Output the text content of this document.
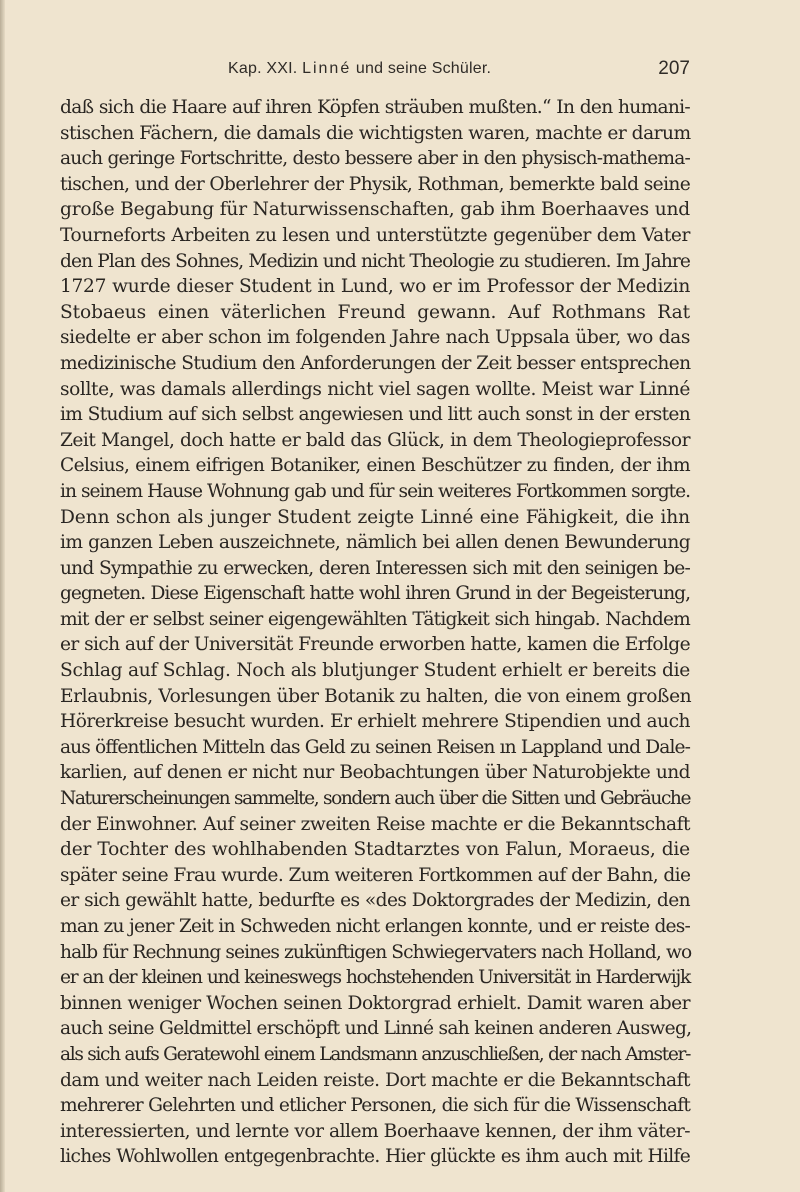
Kap. XXI. Linné und seine Schüler.	207
daß sich die Haare auf ihren Köpfen sträuben mußten.“ In den humani-
stischen Fächern, die damals die wichtigsten waren, machte er darum
auch geringe Fortschritte, desto bessere aber in den physisch-mathema-
tischen, und der Oberlehrer der Physik, Rothman, bemerkte bald seine
große Begabung für Naturwissenschaften, gab ihm Boerhaaves und
Tourneforts Arbeiten zu lesen und unterstützte gegenüber dem Vater
den Plan des Sohnes, Medizin und nicht Theologie zu studieren. Im Jahre
1727 wurde dieser Student in Lund, wo er im Professor der Medizin
Stobaeus einen väterlichen Freund gewann. Auf Rothmans Rat
siedelte er aber schon im folgenden Jahre nach Uppsala über, wo das
medizinische Studium den Anforderungen der Zeit besser entsprechen
sollte, was damals allerdings nicht viel sagen wollte. Meist war Linné
im Studium auf sich selbst angewiesen und litt auch sonst in der ersten
Zeit Mangel, doch hatte er bald das Glück, in dem Theologieprofessor
Celsius, einem eifrigen Botaniker, einen Beschützer zu finden, der ihm
in seinem Hause Wohnung gab und für sein weiteres Fortkommen sorgte.
Denn schon als junger Student zeigte Linné eine Fähigkeit, die ihn
im ganzen Leben auszeichnete, nämlich bei allen denen Bewunderung
und Sympathie zu erwecken, deren Interessen sich mit den seinigen be-
gegneten. Diese Eigenschaft hatte wohl ihren Grund in der Begeisterung,
mit der er selbst seiner eigengewählten Tätigkeit sich hingab. Nachdem
er sich auf der Universität Freunde erworben hatte, kamen die Erfolge
Schlag auf Schlag. Noch als blutjunger Student erhielt er bereits die
Erlaubnis, Vorlesungen über Botanik zu halten, die von einem großen
Hörerkreise besucht wurden. Er erhielt mehrere Stipendien und auch
aus öffentlichen Mitteln das Geld zu seinen Reisen ın Lappland und Dale-
karlien, auf denen er nicht nur Beobachtungen über Naturobjekte und
Naturerscheinungen sammelte, sondern auch über die Sitten und Gebräuche
der Einwohner. Auf seiner zweiten Reise machte er die Bekanntschaft
der Tochter des wohlhabenden Stadtarztes von Falun, Moraeus, die
später seine Frau wurde. Zum weiteren Fortkommen auf der Bahn, die
er sich gewählt hatte, bedurfte es «des Doktorgrades der Medizin, den
man zu jener Zeit in Schweden nicht erlangen konnte, und er reiste des-
halb für Rechnung seines zukünftigen Schwiegervaters nach Holland, wo
er an der kleinen und keineswegs hochstehenden Universität in Harderwijk
binnen weniger Wochen seinen Doktorgrad erhielt. Damit waren aber
auch seine Geldmittel erschöpft und Linné sah keinen anderen Ausweg,
als sich aufs Geratewohl einem Landsmann anzuschließen, der nach Amster-
dam und weiter nach Leiden reiste. Dort machte er die Bekanntschaft
mehrerer Gelehrten und etlicher Personen, die sich für die Wissenschaft
interessierten, und lernte vor allem Boerhaave kennen, der ihm väter-
liches Wohlwollen entgegenbrachte. Hier glückte es ihm auch mit Hilfe
